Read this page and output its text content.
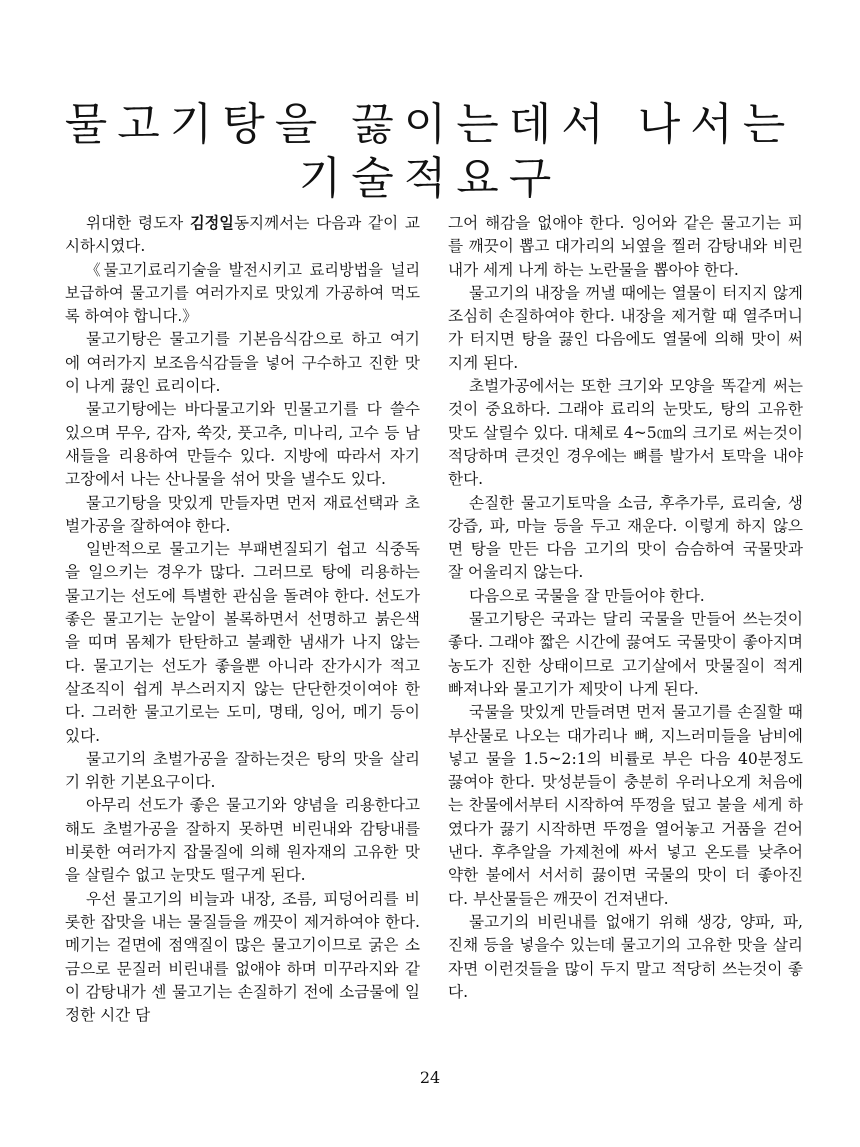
물고기탕을 끓이는데서 나서는
기술적요구

위대한 령도자 김정일동지께서는 다음과 같이 교시하시였다.

《물고기료리기술을 발전시키고 료리방법을 널리 보급하여 물고기를 여러가지로 맛있게 가공하여 먹도록 하여야 합니다.》

물고기탕은 물고기를 기본음식감으로 하고 여기에 여러가지 보조음식감들을 넣어 구수하고 진한 맛이 나게 끓인 료리이다.

물고기탕에는 바다물고기와 민물고기를 다 쓸수 있으며 무우, 감자, 쑥갓, 풋고추, 미나리, 고수 등 남새들을 리용하여 만들수 있다. 지방에 따라서 자기 고장에서 나는 산나물을 섞어 맛을 낼수도 있다.

물고기탕을 맛있게 만들자면 먼저 재료선택과 초벌가공을 잘하여야 한다.

일반적으로 물고기는 부패변질되기 쉽고 식중독을 일으키는 경우가 많다. 그러므로 탕에 리용하는 물고기는 선도에 특별한 관심을 돌려야 한다. 선도가 좋은 물고기는 눈알이 볼록하면서 선명하고 붉은색을 띠며 몸체가 탄탄하고 불쾌한 냄새가 나지 않는다. 물고기는 선도가 좋을뿐 아니라 잔가시가 적고 살조직이 쉽게 부스러지지 않는 단단한것이여야 한다. 그러한 물고기로는 도미, 명태, 잉어, 메기 등이 있다.

물고기의 초벌가공을 잘하는것은 탕의 맛을 살리기 위한 기본요구이다.

아무리 선도가 좋은 물고기와 양념을 리용한다고 해도 초벌가공을 잘하지 못하면 비린내와 감탕내를 비롯한 여러가지 잡물질에 의해 원자재의 고유한 맛을 살릴수 없고 눈맛도 떨구게 된다.

우선 물고기의 비늘과 내장, 조름, 피덩어리를 비롯한 잡맛을 내는 물질들을 깨끗이 제거하여야 한다. 메기는 겉면에 점액질이 많은 물고기이므로 굵은 소금으로 문질러 비린내를 없애야 하며 미꾸라지와 같이 감탕내가 센 물고기는 손질하기 전에 소금물에 일정한 시간 담

그어 해감을 없애야 한다. 잉어와 같은 물고기는 피를 깨끗이 뽑고 대가리의 뇌옆을 찔러 감탕내와 비린내가 세게 나게 하는 노란물을 뽑아야 한다.

물고기의 내장을 꺼낼 때에는 열물이 터지지 않게 조심히 손질하여야 한다. 내장을 제거할 때 열주머니가 터지면 탕을 끓인 다음에도 열물에 의해 맛이 써지게 된다.

초벌가공에서는 또한 크기와 모양을 똑같게 써는것이 중요하다. 그래야 료리의 눈맛도, 탕의 고유한 맛도 살릴수 있다. 대체로 4~5㎝의 크기로 써는것이 적당하며 큰것인 경우에는 뼈를 발가서 토막을 내야 한다.

손질한 물고기토막을 소금, 후추가루, 료리술, 생강즙, 파, 마늘 등을 두고 재운다. 이렇게 하지 않으면 탕을 만든 다음 고기의 맛이 슴슴하여 국물맛과 잘 어울리지 않는다.

다음으로 국물을 잘 만들어야 한다.

물고기탕은 국과는 달리 국물을 만들어 쓰는것이 좋다. 그래야 짧은 시간에 끓여도 국물맛이 좋아지며 농도가 진한 상태이므로 고기살에서 맛물질이 적게 빠져나와 물고기가 제맛이 나게 된다.

국물을 맛있게 만들려면 먼저 물고기를 손질할 때 부산물로 나오는 대가리나 뼈, 지느러미들을 남비에 넣고 물을 1.5~2:1의 비률로 부은 다음 40분정도 끓여야 한다. 맛성분들이 충분히 우러나오게 처음에는 찬물에서부터 시작하여 뚜껑을 덮고 불을 세게 하였다가 끓기 시작하면 뚜껑을 열어놓고 거품을 걷어낸다. 후추알을 가제천에 싸서 넣고 온도를 낮추어 약한 불에서 서서히 끓이면 국물의 맛이 더 좋아진다. 부산물들은 깨끗이 건져낸다.

물고기의 비린내를 없애기 위해 생강, 양파, 파, 진채 등을 넣을수 있는데 물고기의 고유한 맛을 살리자면 이런것들을 많이 두지 말고 적당히 쓰는것이 좋다.

24
